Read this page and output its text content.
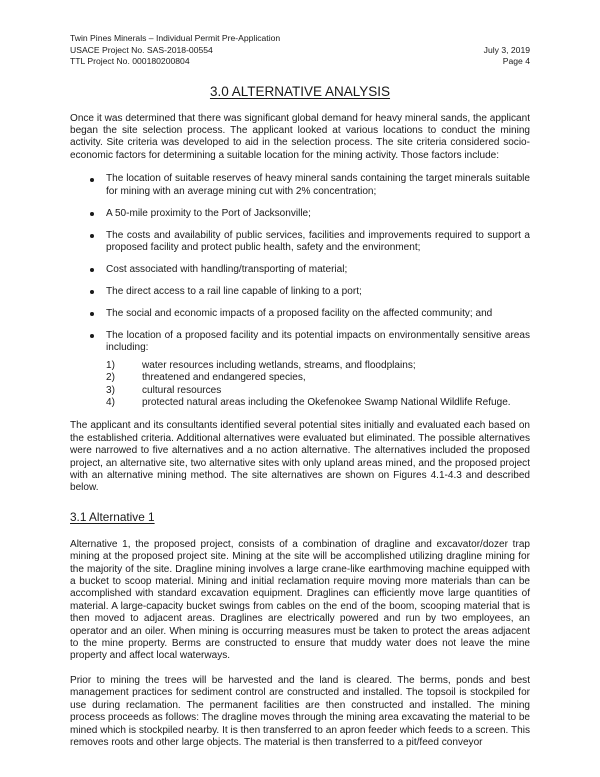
Twin Pines Minerals – Individual Permit Pre-Application
USACE Project No. SAS-2018-00554	July 3, 2019
TTL Project No. 000180200804	Page 4
3.0 ALTERNATIVE ANALYSIS

Once it was determined that there was significant global demand for heavy mineral sands, the applicant began the site selection process. The applicant looked at various locations to conduct the mining activity. Site criteria was developed to aid in the selection process. The site criteria considered socio-economic factors for determining a suitable location for the mining activity. Those factors include:

The location of suitable reserves of heavy mineral sands containing the target minerals suitable for mining with an average mining cut with 2% concentration;
A 50-mile proximity to the Port of Jacksonville;
The costs and availability of public services, facilities and improvements required to support a proposed facility and protect public health, safety and the environment;
Cost associated with handling/transporting of material;
The direct access to a rail line capable of linking to a port;
The social and economic impacts of a proposed facility on the affected community; and
The location of a proposed facility and its potential impacts on environmentally sensitive areas including:
1)	water resources including wetlands, streams, and floodplains;
2)	threatened and endangered species,
3)	cultural resources
4)	protected natural areas including the Okefenokee Swamp National Wildlife Refuge.

The applicant and its consultants identified several potential sites initially and evaluated each based on the established criteria. Additional alternatives were evaluated but eliminated. The possible alternatives were narrowed to five alternatives and a no action alternative. The alternatives included the proposed project, an alternative site, two alternative sites with only upland areas mined, and the proposed project with an alternative mining method. The site alternatives are shown on Figures 4.1-4.3 and described below.

3.1 Alternative 1

Alternative 1, the proposed project, consists of a combination of dragline and excavator/dozer trap mining at the proposed project site. Mining at the site will be accomplished utilizing dragline mining for the majority of the site. Dragline mining involves a large crane-like earthmoving machine equipped with a bucket to scoop material. Mining and initial reclamation require moving more materials than can be accomplished with standard excavation equipment. Draglines can efficiently move large quantities of material. A large-capacity bucket swings from cables on the end of the boom, scooping material that is then moved to adjacent areas. Draglines are electrically powered and run by two employees, an operator and an oiler. When mining is occurring measures must be taken to protect the areas adjacent to the mine property. Berms are constructed to ensure that muddy water does not leave the mine property and affect local waterways.

Prior to mining the trees will be harvested and the land is cleared. The berms, ponds and best management practices for sediment control are constructed and installed. The topsoil is stockpiled for use during reclamation. The permanent facilities are then constructed and installed. The mining process proceeds as follows: The dragline moves through the mining area excavating the material to be mined which is stockpiled nearby. It is then transferred to an apron feeder which feeds to a screen. This removes roots and other large objects. The material is then transferred to a pit/feed conveyor
